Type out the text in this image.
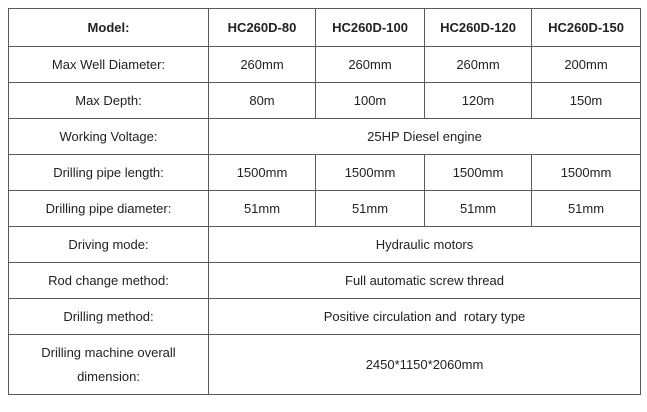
Model:	HC260D-80	HC260D-100	HC260D-120	HC260D-150
Max Well Diameter:	260mm	260mm	260mm	200mm
Max Depth:	80m	100m	120m	150m
Working Voltage:	25HP Diesel engine			
Drilling pipe length:	1500mm	1500mm	1500mm	1500mm
Drilling pipe diameter:	51mm	51mm	51mm	51mm
Driving mode:	Hydraulic motors			
Rod change method:	Full automatic screw thread			
Drilling method:	Positive circulation and  rotary type			
Drilling machine overall
dimension:	2450*1150*2060mm			
